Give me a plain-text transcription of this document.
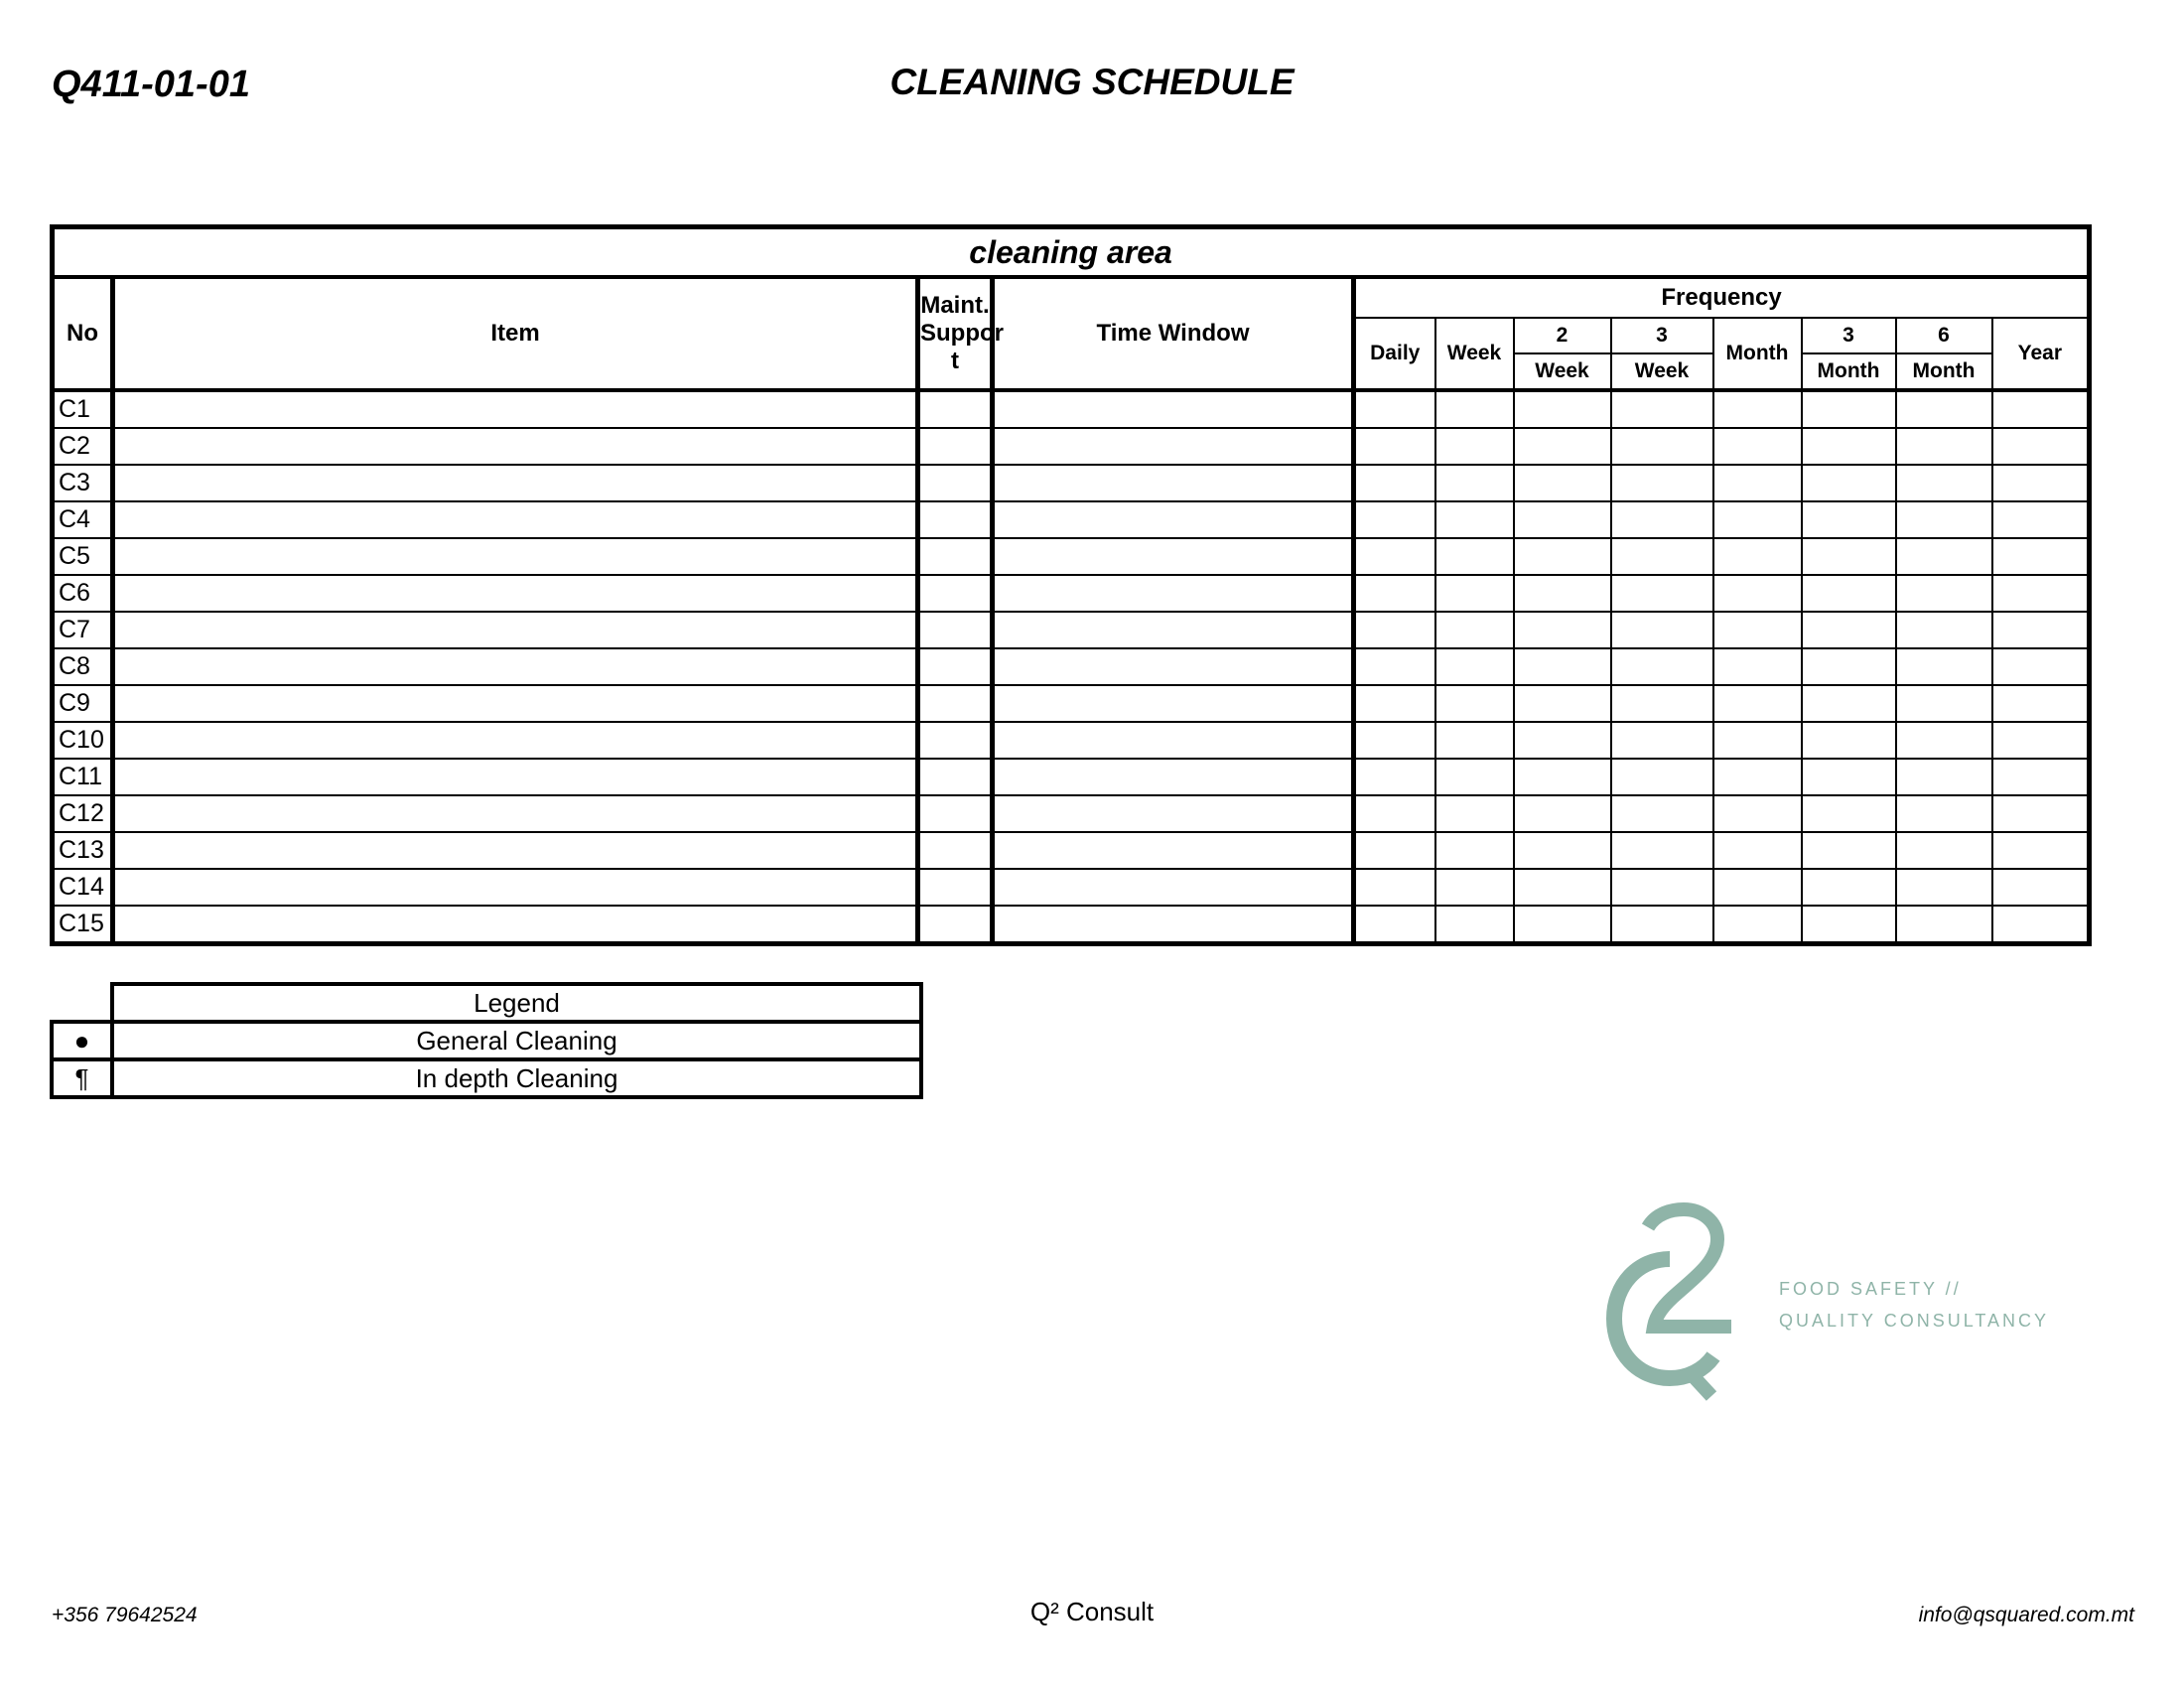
Q411-01-01	CLEANING SCHEDULE
cleaning area											
No	Item	Maint. Suppor t	Time Window	Frequency							
				Daily	Week	2	3	Month	3	6	Year
						Week	Week		Month	Month	
C1											
C2											
C3											
C4											
C5											
C6											
C7											
C8											
C9											
C10											
C11											
C12											
C13											
C14											
C15											
	Legend
●	General Cleaning
¶	In depth Cleaning
FOOD SAFETY //
QUALITY CONSULTANCY
+356 79642524	Q² Consult	info@qsquared.com.mt
